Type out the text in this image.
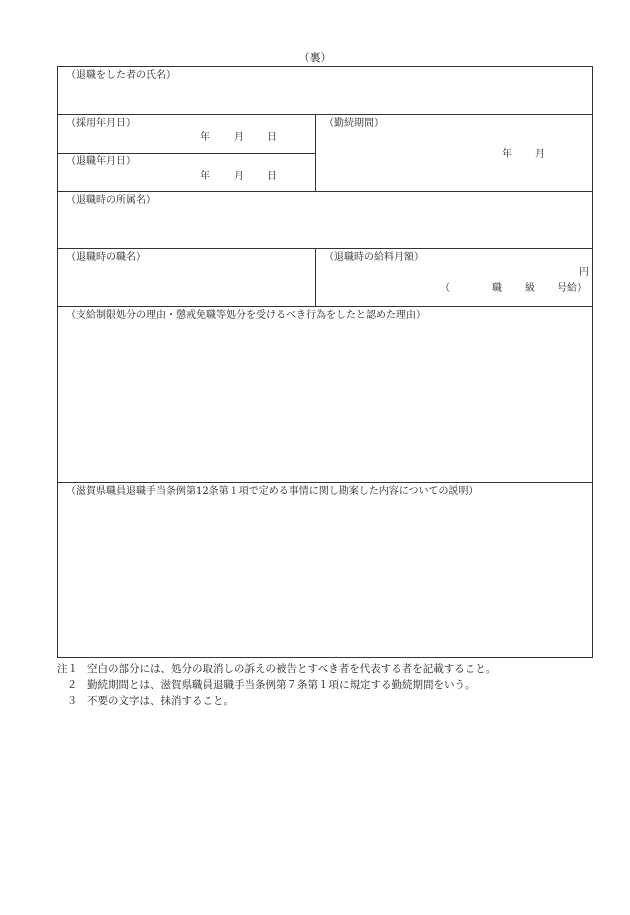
（裏）
（退職をした者の氏名）
（採用年月日）
年 月 日
（退職年月日）
年 月 日
（勤続期間）
年 月
（退職時の所属名）
（退職時の職名）	（退職時の給料月額）
円
（	職 級 号給）
（支給制限処分の理由・懲戒免職等処分を受けるべき行為をしたと認めた理由）
（滋賀県職員退職手当条例第12条第１項で定める事情に関し勘案した内容についての説明）
注１ 空白の部分には、処分の取消しの訴えの被告とすべき者を代表する者を記載すること。
２ 勤続期間とは、滋賀県職員退職手当条例第７条第１項に規定する勤続期間をいう。
３ 不要の文字は、抹消すること。
